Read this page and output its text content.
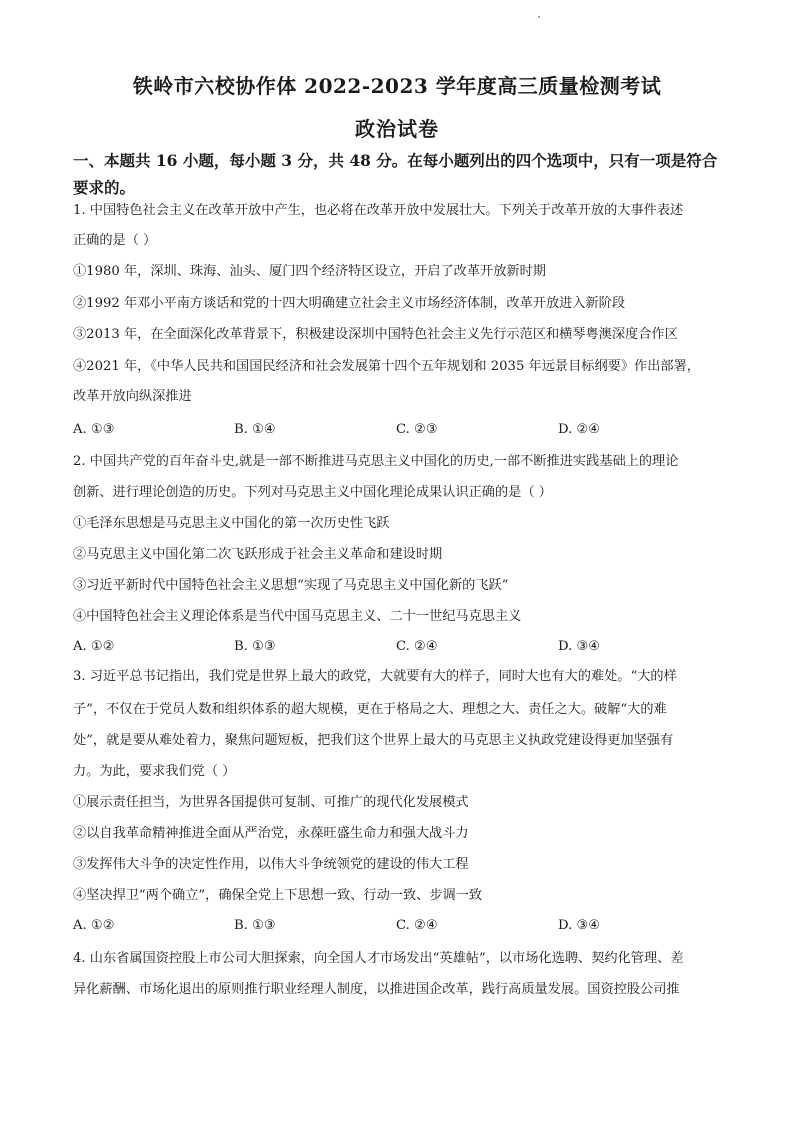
铁岭市六校协作体 2022-2023 学年度高三质量检测考试
政治试卷
一、本题共 16 小题，每小题 3 分，共 48 分。在每小题列出的四个选项中，只有一项是符合
要求的。
1. 中国特色社会主义在改革开放中产生，也必将在改革开放中发展壮大。下列关于改革开放的大事件表述
正确的是（ ）
①1980 年，深圳、珠海、汕头、厦门四个经济特区设立，开启了改革开放新时期
②1992 年邓小平南方谈话和党的十四大明确建立社会主义市场经济体制，改革开放进入新阶段
③2013 年，在全面深化改革背景下，积极建设深圳中国特色社会主义先行示范区和横琴粤澳深度合作区
④2021 年，《中华人民共和国国民经济和社会发展第十四个五年规划和 2035 年远景目标纲要》作出部署，
改革开放向纵深推进
A. ①③	B. ①④	C. ②③	D. ②④
2. 中国共产党的百年奋斗史,就是一部不断推进马克思主义中国化的历史,一部不断推进实践基础上的理论
创新、进行理论创造的历史。下列对马克思主义中国化理论成果认识正确的是（ ）
①毛泽东思想是马克思主义中国化的第一次历史性飞跃
②马克思主义中国化第二次飞跃形成于社会主义革命和建设时期
③习近平新时代中国特色社会主义思想“实现了马克思主义中国化新的飞跃”
④中国特色社会主义理论体系是当代中国马克思主义、二十一世纪马克思主义
A. ①②	B. ①③	C. ②④	D. ③④
3. 习近平总书记指出，我们党是世界上最大的政党，大就要有大的样子，同时大也有大的难处。“大的样
子”，不仅在于党员人数和组织体系的超大规模，更在于格局之大、理想之大、责任之大。破解“大的难
处”，就是要从难处着力，聚焦问题短板，把我们这个世界上最大的马克思主义执政党建设得更加坚强有
力。为此，要求我们党（ ）
①展示责任担当，为世界各国提供可复制、可推广的现代化发展模式
②以自我革命精神推进全面从严治党，永葆旺盛生命力和强大战斗力
③发挥伟大斗争的决定性作用，以伟大斗争统领党的建设的伟大工程
④坚决捍卫“两个确立”，确保全党上下思想一致、行动一致、步调一致
A. ①②	B. ①③	C. ②④	D. ③④
4. 山东省属国资控股上市公司大胆探索，向全国人才市场发出“英雄帖”，以市场化选聘、契约化管理、差
异化薪酬、市场化退出的原则推行职业经理人制度，以推进国企改革，践行高质量发展。国资控股公司推
